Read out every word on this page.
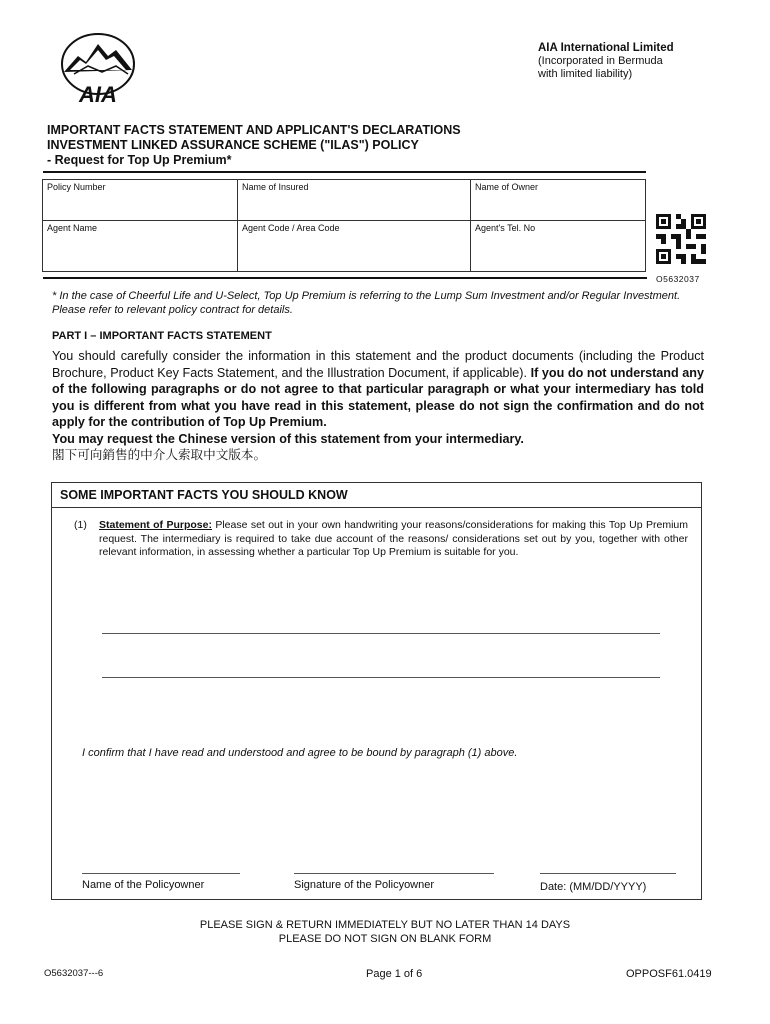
AIA
AIA International Limited
(Incorporated in Bermuda
with limited liability)
IMPORTANT FACTS STATEMENT AND APPLICANT'S DECLARATIONS
INVESTMENT LINKED ASSURANCE SCHEME ("ILAS") POLICY
- Request for Top Up Premium*
Policy Number	Name of Insured	Name of Owner
Agent Name	Agent Code / Area Code	Agent's Tel. No
O5632037
* In the case of Cheerful Life and U-Select, Top Up Premium is referring to the Lump Sum Investment and/or Regular Investment. Please refer to relevant policy contract for details.
PART I – IMPORTANT FACTS STATEMENT
You should carefully consider the information in this statement and the product documents (including the Product Brochure, Product Key Facts Statement, and the Illustration Document, if applicable). If you do not understand any of the following paragraphs or do not agree to that particular paragraph or what your intermediary has told you is different from what you have read in this statement, please do not sign the confirmation and do not apply for the contribution of Top Up Premium.
You may request the Chinese version of this statement from your intermediary.
閣下可向銷售的中介人索取中文版本。
SOME IMPORTANT FACTS YOU SHOULD KNOW
(1) Statement of Purpose: Please set out in your own handwriting your reasons/considerations for making this Top Up Premium request. The intermediary is required to take due account of the reasons/ considerations set out by you, together with other relevant information, in assessing whether a particular Top Up Premium is suitable for you.
I confirm that I have read and understood and agree to be bound by paragraph (1) above.
Name of the Policyowner	Signature of the Policyowner	Date: (MM/DD/YYYY)
PLEASE SIGN & RETURN IMMEDIATELY BUT NO LATER THAN 14 DAYS
PLEASE DO NOT SIGN ON BLANK FORM
O5632037---6	Page 1 of 6	OPPOSF61.0419
